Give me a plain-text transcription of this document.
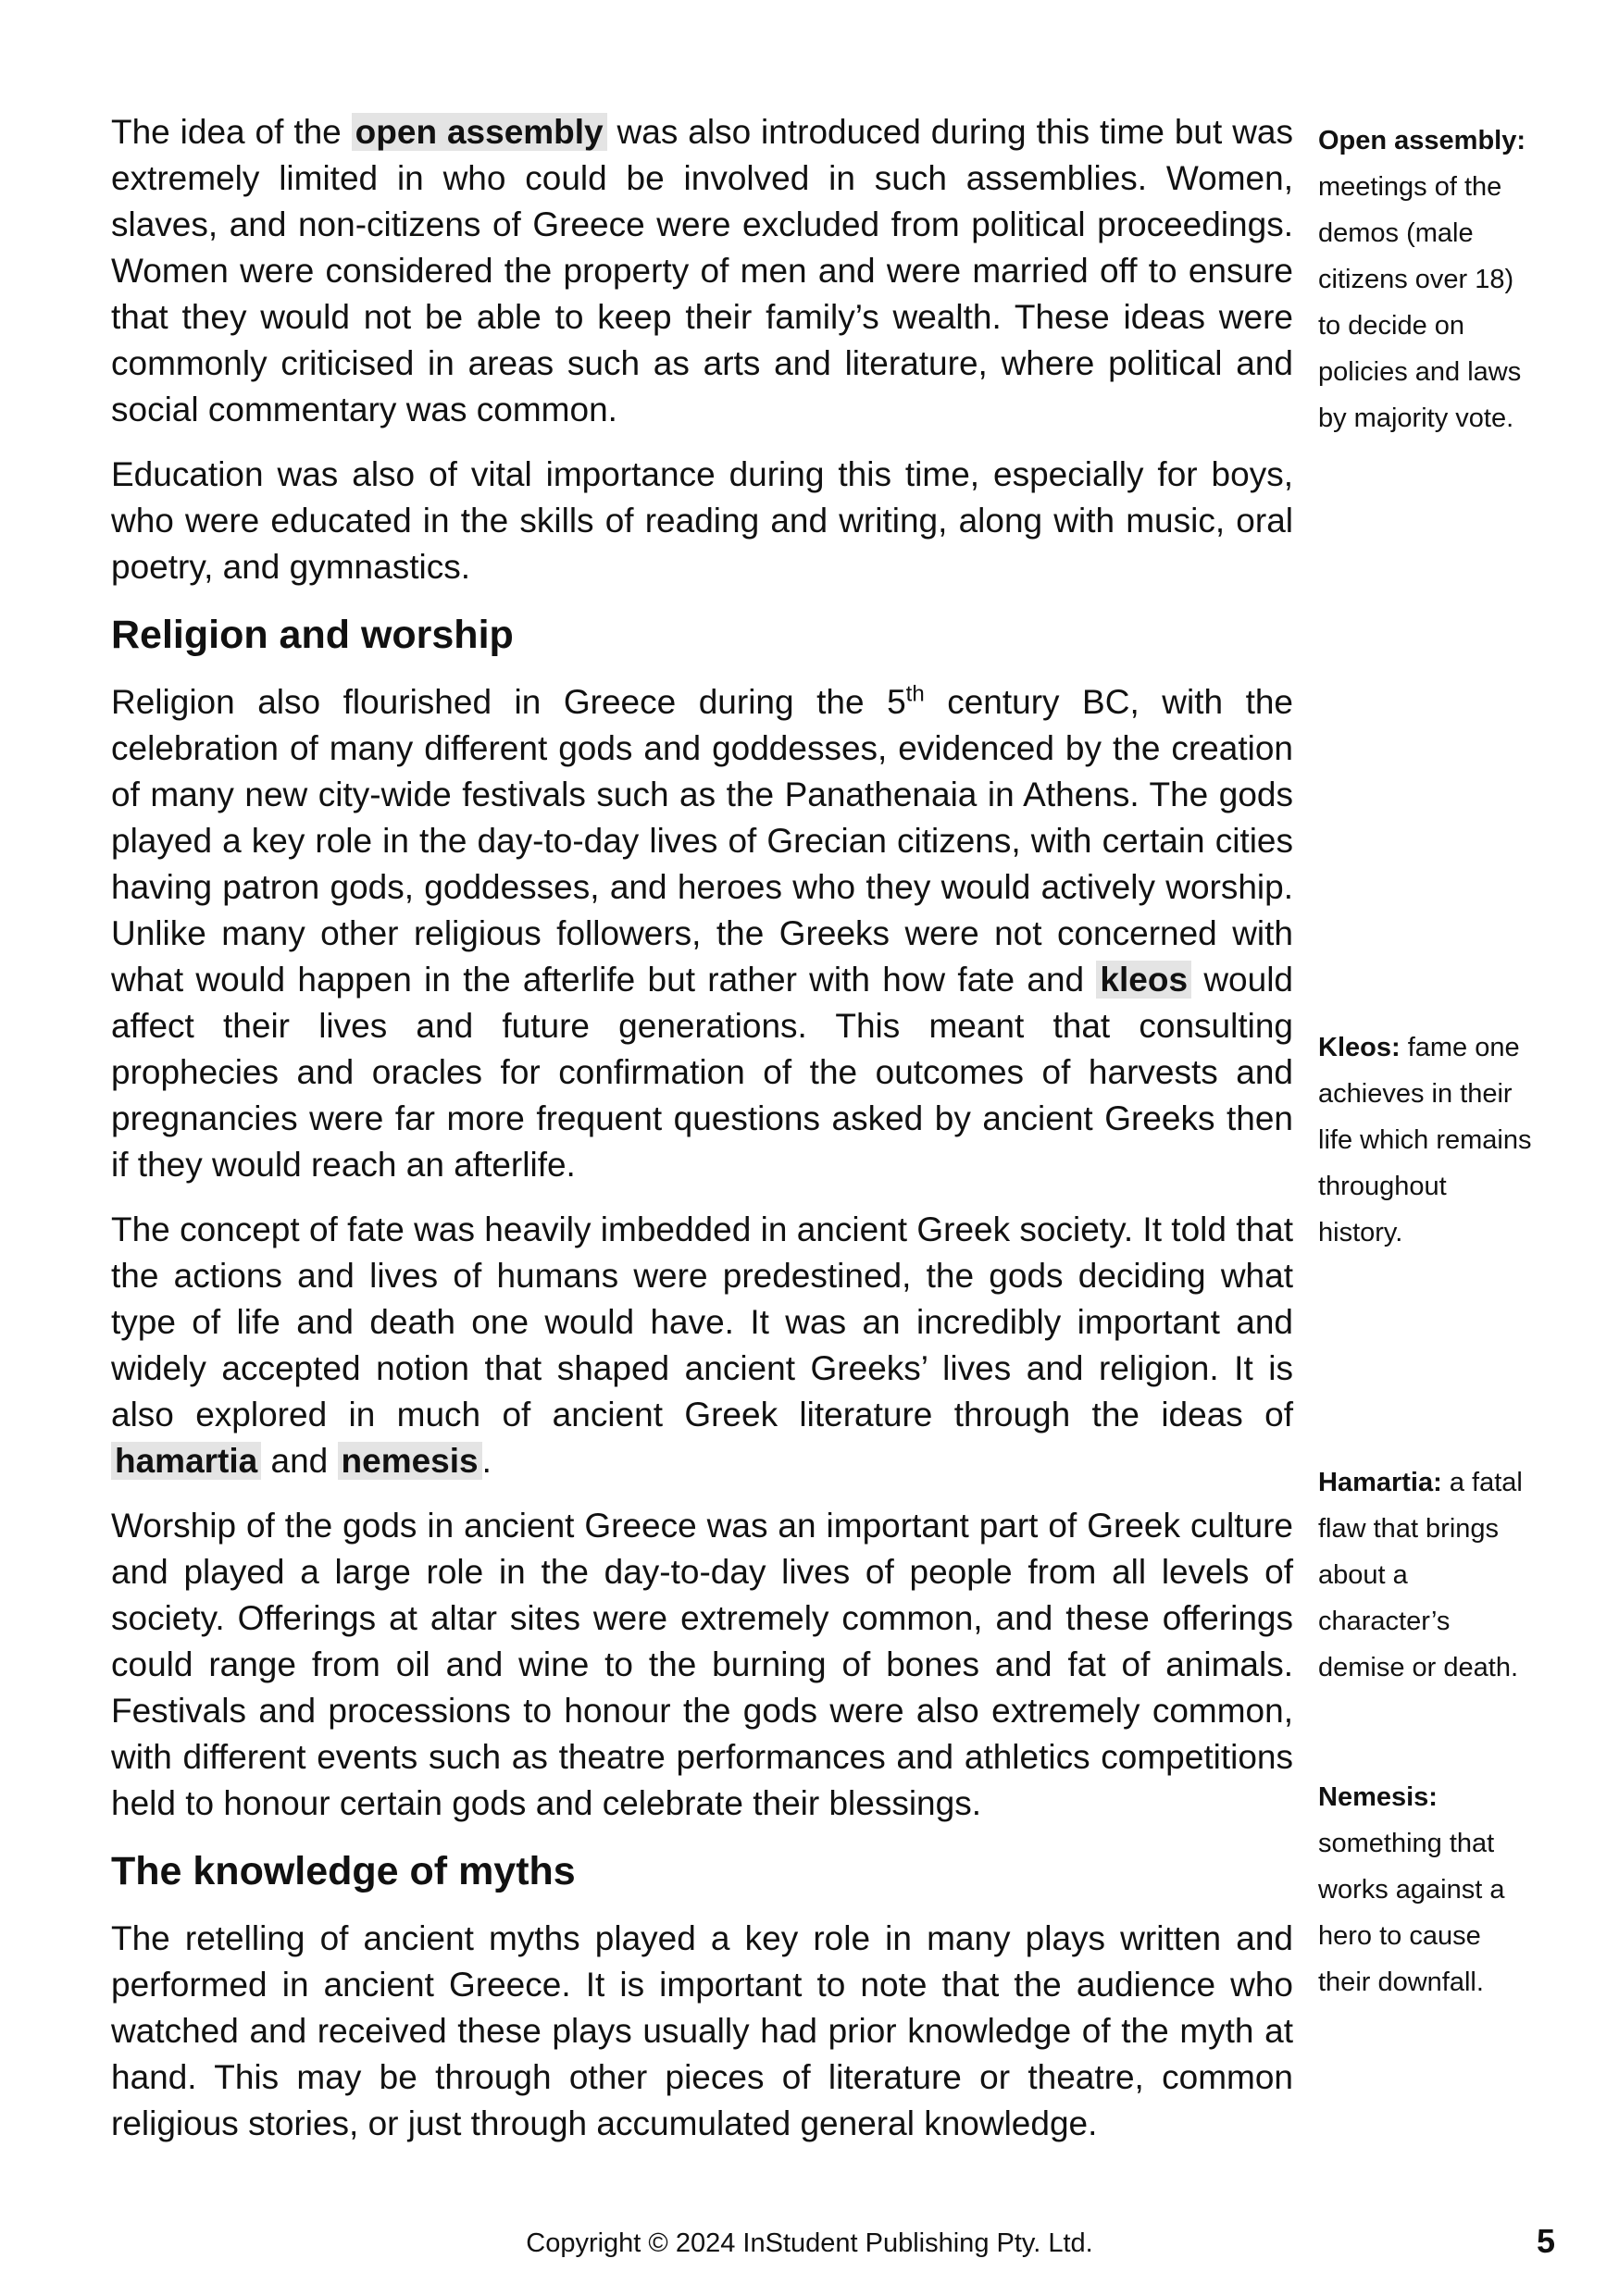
The idea of the open assembly was also introduced during this time but was extremely limited in who could be involved in such assemblies. Women, slaves, and non-citizens of Greece were excluded from political proceedings. Women were considered the property of men and were married off to ensure that they would not be able to keep their family’s wealth. These ideas were commonly criticised in areas such as arts and literature, where political and social commentary was common.

Education was also of vital importance during this time, especially for boys, who were educated in the skills of reading and writing, along with music, oral poetry, and gymnastics.

Religion and worship

Religion also flourished in Greece during the 5th century BC, with the celebration of many different gods and goddesses, evidenced by the creation of many new city-wide festivals such as the Panathenaia in Athens. The gods played a key role in the day-to-day lives of Grecian citizens, with certain cities having patron gods, goddesses, and heroes who they would actively worship. Unlike many other religious followers, the Greeks were not concerned with what would happen in the afterlife but rather with how fate and kleos would affect their lives and future generations. This meant that consulting prophecies and oracles for confirmation of the outcomes of harvests and pregnancies were far more frequent questions asked by ancient Greeks then if they would reach an afterlife.

The concept of fate was heavily imbedded in ancient Greek society. It told that the actions and lives of humans were predestined, the gods deciding what type of life and death one would have. It was an incredibly important and widely accepted notion that shaped ancient Greeks’ lives and religion. It is also explored in much of ancient Greek literature through the ideas of hamartia and nemesis .

Worship of the gods in ancient Greece was an important part of Greek culture and played a large role in the day-to-day lives of people from all levels of society. Offerings at altar sites were extremely common, and these offerings could range from oil and wine to the burning of bones and fat of animals. Festivals and processions to honour the gods were also extremely common, with different events such as theatre performances and athletics competitions held to honour certain gods and celebrate their blessings.

The knowledge of myths

The retelling of ancient myths played a key role in many plays written and performed in ancient Greece. It is important to note that the audience who watched and received these plays usually had prior knowledge of the myth at hand. This may be through other pieces of literature or theatre, common religious stories, or just through accumulated general knowledge.

Open assembly: meetings of the demos (male citizens over 18) to decide on policies and laws by majority vote.
Kleos: fame one achieves in their life which remains throughout history.
Hamartia: a fatal flaw that brings about a character’s demise or death.
Nemesis: something that works against a hero to cause their downfall.
Copyright © 2024 InStudent Publishing Pty. Ltd.	5
